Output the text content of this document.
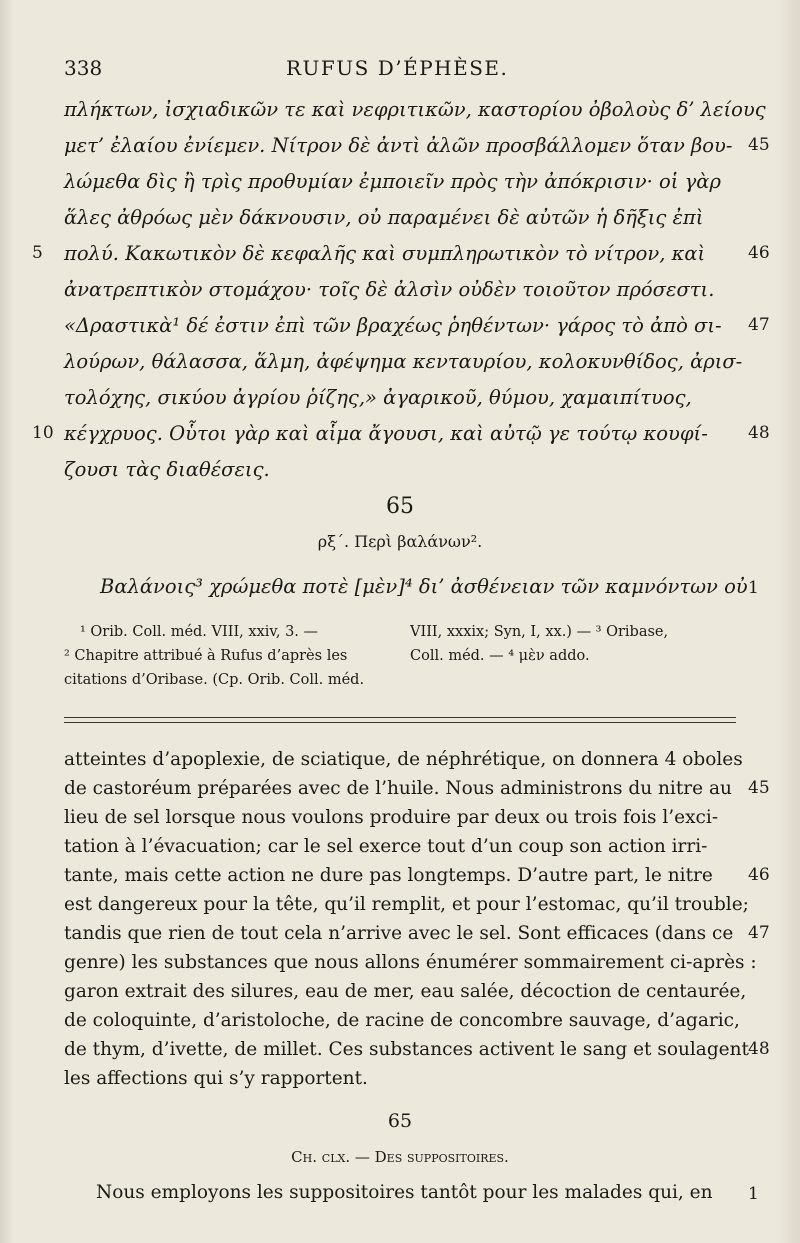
338	RUFUS D’ÉPHÈSE.
πλήκτων, ἰσχιαδικῶν τε καὶ νεφριτικῶν, καστορίου ὀβολοὺς δ’ λείους
μετ’ ἐλαίου ἐνίεμεν. Νίτρον δὲ ἀντὶ ἀλῶν προσβάλλομεν ὅταν βου-
λώμεθα δὶς ἢ τρὶς προθυμίαν ἐμποιεῖν πρὸς τὴν ἀπόκρισιν· οἱ γὰρ
ἅλες ἀθρόως μὲν δάκνουσιν, οὐ παραμένει δὲ αὐτῶν ἡ δῆξις ἐπὶ
πολύ. Κακωτικὸν δὲ κεφαλῆς καὶ συμπληρωτικὸν τὸ νίτρον, καὶ
ἀνατρεπτικὸν στομάχου· τοῖς δὲ ἀλσὶν οὐδὲν τοιοῦτον πρόσεστι.
«Δραστικὰ¹ δέ ἐστιν ἐπὶ τῶν βραχέως ῥηθέντων· γάρος τὸ ἀπὸ σι-
λούρων, θάλασσα, ἅλμη, ἀφέψημα κενταυρίου, κολοκυνθίδος, ἀρισ-
τολόχης, σικύου ἀγρίου ῥίζης,» ἀγαρικοῦ, θύμου, χαμαιπίτυος,
κέγχρυος. Οὗτοι γὰρ καὶ αἷμα ἄγουσι, καὶ αὐτῷ γε τούτῳ κουφί-
ζουσι τὰς διαθέσεις.
5
10
45
46
47
48
65
ρξ΄. Περὶ βαλάνων².
Βαλάνοις³ χρώμεθα ποτὲ [μὲν]⁴ δι’ ἀσθένειαν τῶν καμνόντων οὐ 1
¹ Orib. Coll. méd. VIII, xxiv, 3. —
² Chapitre attribué à Rufus d’après les
citations d’Oribase. (Cp. Orib. Coll. méd.
VIII, xxxix; Syn, I, xx.) — ³ Oribase,
Coll. méd. — ⁴ μὲν addo.
atteintes d’apoplexie, de sciatique, de néphrétique, on donnera 4 oboles
de castoréum préparées avec de l’huile. Nous administrons du nitre au
lieu de sel lorsque nous voulons produire par deux ou trois fois l’exci-
tation à l’évacuation; car le sel exerce tout d’un coup son action irri-
tante, mais cette action ne dure pas longtemps. D’autre part, le nitre
est dangereux pour la tête, qu’il remplit, et pour l’estomac, qu’il trouble;
tandis que rien de tout cela n’arrive avec le sel. Sont efficaces (dans ce
genre) les substances que nous allons énumérer sommairement ci-après :
garon extrait des silures, eau de mer, eau salée, décoction de centaurée,
de coloquinte, d’aristoloche, de racine de concombre sauvage, d’agaric,
de thym, d’ivette, de millet. Ces substances activent le sang et soulagent
les affections qui s’y rapportent.
45
46
47
48
65
Ch. clx. — Des suppositoires.
Nous employons les suppositoires tantôt pour les malades qui, en	1
